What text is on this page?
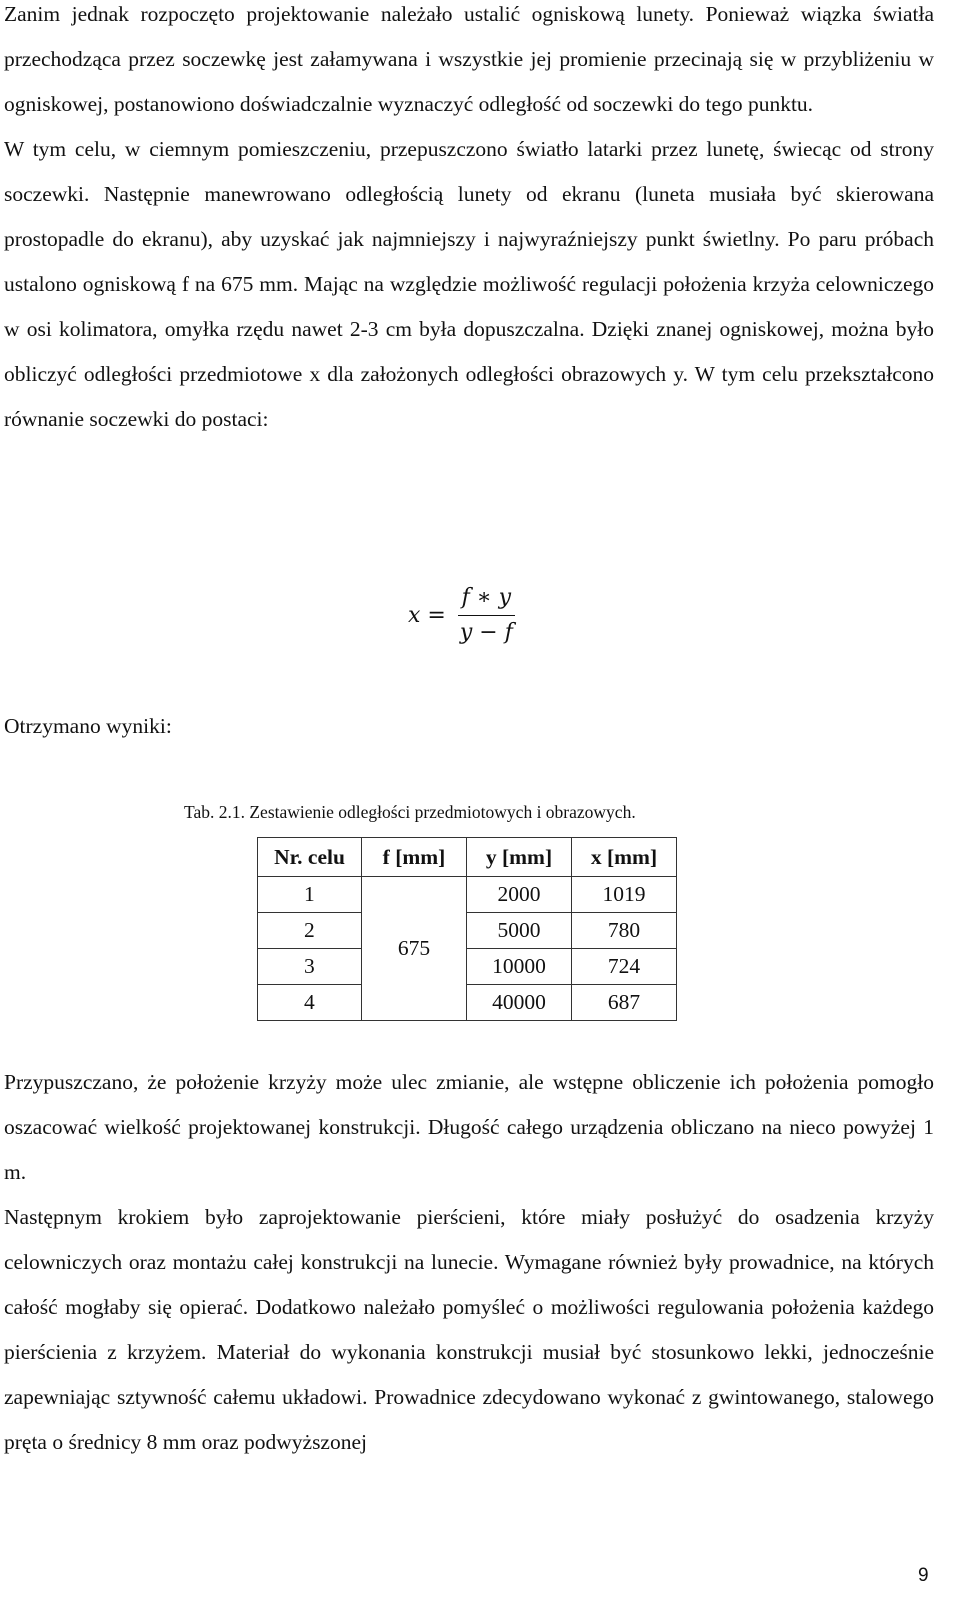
Zanim jednak rozpoczęto projektowanie należało ustalić ogniskową lunety. Ponieważ wiązka światła przechodząca przez soczewkę jest załamywana i wszystkie jej promienie przecinają się w przybliżeniu w ogniskowej, postanowiono doświadczalnie wyznaczyć odległość od soczewki do tego punktu.

W tym celu, w ciemnym pomieszczeniu, przepuszczono światło latarki przez lunetę, świecąc od strony soczewki. Następnie manewrowano odległością lunety od ekranu (luneta musiała być skierowana prostopadle do ekranu), aby uzyskać jak najmniejszy i najwyraźniejszy punkt świetlny. Po paru próbach ustalono ogniskową f na 675 mm. Mając na względzie możliwość regulacji położenia krzyża celowniczego w osi kolimatora, omyłka rzędu nawet 2-3 cm była dopuszczalna. Dzięki znanej ogniskowej, można było obliczyć odległości przedmiotowe x dla założonych odległości obrazowych y. W tym celu przekształcono równanie soczewki do postaci:

$x = \frac{f ∗ y}{y - f}$

Otrzymano wyniki:

Tab. 2.1. Zestawienie odległości przedmiotowych i obrazowych.

Nr. celu	f [mm]	y [mm]	x [mm]
1	675	2000	1019
2		5000	780
3		10000	724
4		40000	687

Przypuszczano, że położenie krzyży może ulec zmianie, ale wstępne obliczenie ich położenia pomogło oszacować wielkość projektowanej konstrukcji. Długość całego urządzenia obliczano na nieco powyżej 1 m.

Następnym krokiem było zaprojektowanie pierścieni, które miały posłużyć do osadzenia krzyży celowniczych oraz montażu całej konstrukcji na lunecie. Wymagane również były prowadnice, na których całość mogłaby się opierać. Dodatkowo należało pomyśleć o możliwości regulowania położenia każdego pierścienia z krzyżem. Materiał do wykonania konstrukcji musiał być stosunkowo lekki, jednocześnie zapewniając sztywność całemu układowi. Prowadnice zdecydowano wykonać z gwintowanego, stalowego pręta o średnicy 8 mm oraz podwyższonej

9
